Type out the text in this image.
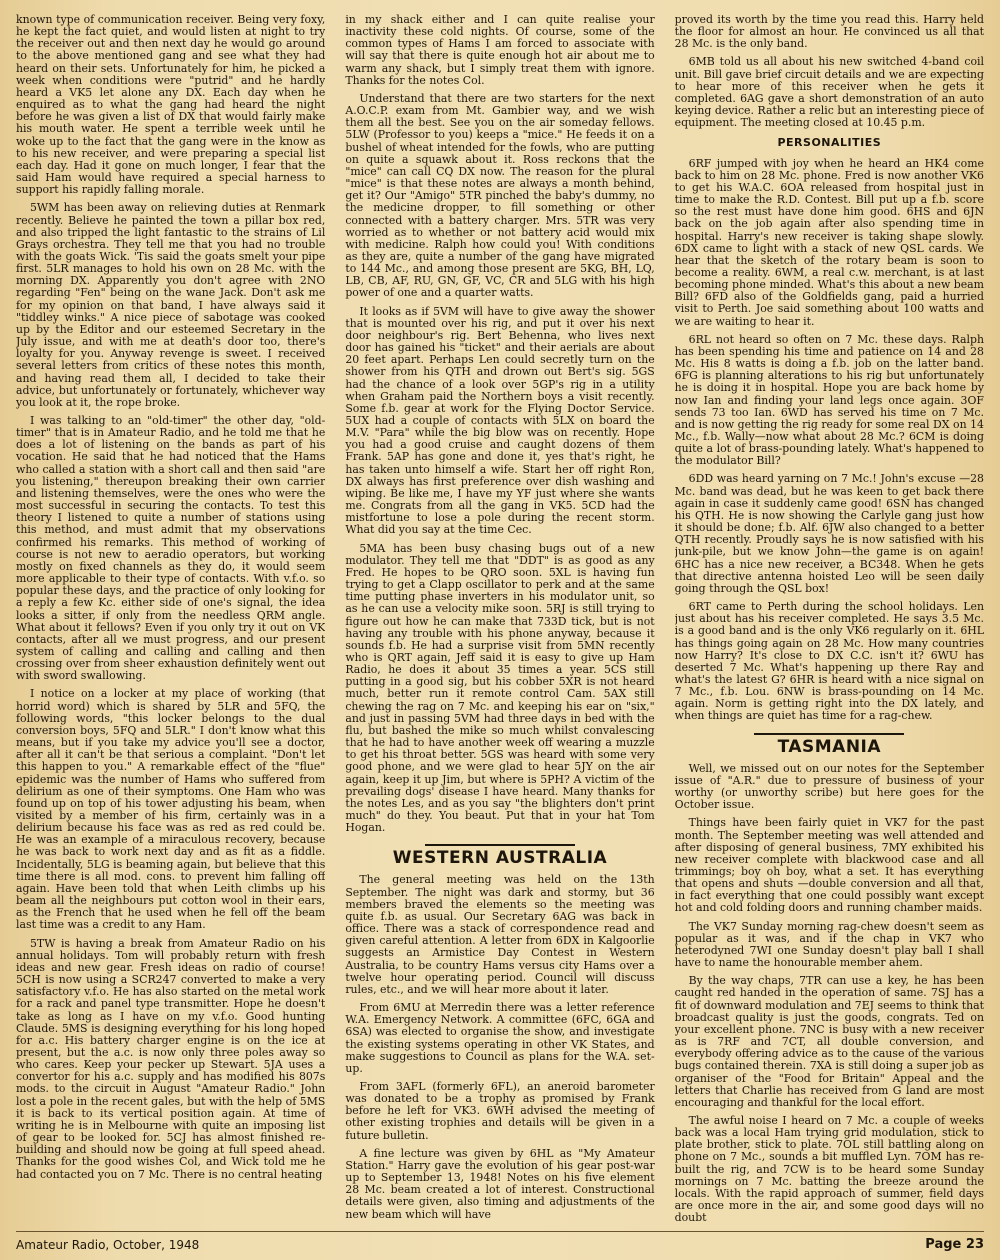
known type of communication receiver. Being very foxy, he kept the fact quiet, and would listen at night to try the receiver out and then next day he would go around to the above mentioned gang and see what they had heard on their sets. Unfortunately for him, he picked a week when conditions were "putrid" and he hardly heard a VK5 let alone any DX. Each day when he enquired as to what the gang had heard the night before he was given a list of DX that would fairly make his mouth water. He spent a terrible week until he woke up to the fact that the gang were in the know as to his new receiver, and were preparing a special list each day. Had it gone on much longer, I fear that the said Ham would have required a special harness to support his rapidly falling morale.

5WM has been away on relieving duties at Renmark recently. Believe he painted the town a pillar box red, and also tripped the light fantastic to the strains of Lil Grays orchestra. They tell me that you had no trouble with the goats Wick. 'Tis said the goats smelt your pipe first. 5LR manages to hold his own on 28 Mc. with the morning DX. Apparently you don't agree with 2NO regarding "Fen" being on the wane Jack. Don't ask me for my opinion on that band, I have always said it "tiddley winks." A nice piece of sabotage was cooked up by the Editor and our esteemed Secretary in the July issue, and with me at death's door too, there's loyalty for you. Anyway revenge is sweet. I received several letters from critics of these notes this month, and having read them all, I decided to take their advice, but unfortunately or fortunately, whichever way you look at it, the rope broke.

I was talking to an "old-timer" the other day, "old-timer" that is in Amateur Radio, and he told me that he does a lot of listening on the bands as part of his vocation. He said that he had noticed that the Hams who called a station with a short call and then said "are you listening," thereupon breaking their own carrier and listening themselves, were the ones who were the most successful in securing the contacts. To test this theory I listened to quite a number of stations using this method, and must admit that my observations confirmed his remarks. This method of working of course is not new to aeradio operators, but working mostly on fixed channels as they do, it would seem more applicable to their type of contacts. With v.f.o. so popular these days, and the practice of only looking for a reply a few Kc. either side of one's signal, the idea looks a sitter, if only from the needless QRM angle. What about it fellows? Even if you only try it out on VK contacts, after all we must progress, and our present system of calling and calling and calling and then crossing over from sheer exhaustion definitely went out with sword swallowing.

I notice on a locker at my place of working (that horrid word) which is shared by 5LR and 5FQ, the following words, "this locker belongs to the dual conversion boys, 5FQ and 5LR." I don't know what this means, but if you take my advice you'll see a doctor, after all it can't be that serious a complaint. "Don't let this happen to you." A remarkable effect of the "flue" epidemic was the number of Hams who suffered from delirium as one of their symptoms. One Ham who was found up on top of his tower adjusting his beam, when visited by a member of his firm, certainly was in a delirium because his face was as red as red could be. He was an example of a miraculous recovery, because he was back to work next day and as fit as a fiddle. Incidentally, 5LG is beaming again, but believe that this time there is all mod. cons. to prevent him falling off again. Have been told that when Leith climbs up his beam all the neighbours put cotton wool in their ears, as the French that he used when he fell off the beam last time was a credit to any Ham.

5TW is having a break from Amateur Radio on his annual holidays. Tom will probably return with fresh ideas and new gear. Fresh ideas on radio of course! 5CH is now using a SCR247 converted to make a very satisfactory v.f.o. He has also started on the metal work for a rack and panel type transmitter. Hope he doesn't take as long as I have on my v.f.o. Good hunting Claude. 5MS is designing everything for his long hoped for a.c. His battery charger engine is on the ice at present, but the a.c. is now only three poles away so who cares. Keep your pecker up Stewart. 5JA uses a convertor for his a.c. supply and has modified his 807s mods. to the circuit in August "Amateur Radio." John lost a pole in the recent gales, but with the help of 5MS it is back to its vertical position again. At time of writing he is in Melbourne with quite an imposing list of gear to be looked for. 5CJ has almost finished re-building and should now be going at full speed ahead. Thanks for the good wishes Col, and Wick told me he had contacted you on 7 Mc. There is no central heating

in my shack either and I can quite realise your inactivity these cold nights. Of course, some of the common types of Hams I am forced to associate with will say that there is quite enough hot air about me to warm any shack, but I simply treat them with ignore. Thanks for the notes Col.

Understand that there are two starters for the next A.O.C.P. exam from Mt. Gambier way, and we wish them all the best. See you on the air someday fellows. 5LW (Professor to you) keeps a "mice." He feeds it on a bushel of wheat intended for the fowls, who are putting on quite a squawk about it. Ross reckons that the "mice" can call CQ DX now. The reason for the plural "mice" is that these notes are always a month behind, get it? Our "Amigo" 5TR pinched the baby's dummy, no the medicine dropper, to fill something or other connected with a battery charger. Mrs. 5TR was very worried as to whether or not battery acid would mix with medicine. Ralph how could you! With conditions as they are, quite a number of the gang have migrated to 144 Mc., and among those present are 5KG, BH, LQ, LB, CB, AF, RU, GN, GF, VC, CR and 5LG with his high power of one and a quarter watts.

It looks as if 5VM will have to give away the shower that is mounted over his rig, and put it over his next door neighbour's rig. Bert Behenna, who lives next door has gained his "ticket" and their aerials are about 20 feet apart. Perhaps Len could secretly turn on the shower from his QTH and drown out Bert's sig. 5GS had the chance of a look over 5GP's rig in a utility when Graham paid the Northern boys a visit recently. Some f.b. gear at work for the Flying Doctor Service. 5UX had a couple of contacts with 5LX on board the M.V. "Para" while the big blow was on recently. Hope you had a good cruise and caught dozens of them Frank. 5AP has gone and done it, yes that's right, he has taken unto himself a wife. Start her off right Ron, DX always has first preference over dish washing and wiping. Be like me, I have my YF just where she wants me. Congrats from all the gang in VK5. 5CD had the mistfortune to lose a pole during the recent storm. What did you say at the time Cec.

5MA has been busy chasing bugs out of a new modulator. They tell me that "DDT" is as good as any Fred. He hopes to be QRO soon. 5XL is having fun trying to get a Clapp oscillator to perk and at the same time putting phase inverters in his modulator unit, so as he can use a velocity mike soon. 5RJ is still trying to figure out how he can make that 733D tick, but is not having any trouble with his phone anyway, because it sounds f.b. He had a surprise visit from 5MN recently who is QRT again, Jeff said it is easy to give up Ham Radio, he does it about 35 times a year. 5CS still putting in a good sig, but his cobber 5XR is not heard much, better run it remote control Cam. 5AX still chewing the rag on 7 Mc. and keeping his ear on "six," and just in passing 5VM had three days in bed with the flu, but bashed the mike so much whilst convalescing that he had to have another week off wearing a muzzle to get his throat better. 5GS was heard with some very good phone, and we were glad to hear 5JY on the air again, keep it up Jim, but where is 5PH? A victim of the prevailing dogs' disease I have heard. Many thanks for the notes Les, and as you say "the blighters don't print much" do they. You beaut. Put that in your hat Tom Hogan.

WESTERN AUSTRALIA

The general meeting was held on the 13th September. The night was dark and stormy, but 36 members braved the elements so the meeting was quite f.b. as usual. Our Secretary 6AG was back in office. There was a stack of correspondence read and given careful attention. A letter from 6DX in Kalgoorlie suggests an Armistice Day Contest in Western Australia, to be country Hams versus city Hams over a twelve hour operating period. Council will discuss rules, etc., and we will hear more about it later.

From 6MU at Merredin there was a letter reference W.A. Emergency Network. A committee (6FC, 6GA and 6SA) was elected to organise the show, and investigate the existing systems operating in other VK States, and make suggestions to Council as plans for the W.A. set-up.

From 3AFL (formerly 6FL), an aneroid barometer was donated to be a trophy as promised by Frank before he left for VK3. 6WH advised the meeting of other existing trophies and details will be given in a future bulletin.

A fine lecture was given by 6HL as "My Amateur Station." Harry gave the evolution of his gear post-war up to September 13, 1948! Notes on his five element 28 Mc. beam created a lot of interest. Constructional details were given, also timing and adjustments of the new beam which will have

proved its worth by the time you read this. Harry held the floor for almost an hour. He convinced us all that 28 Mc. is the only band.

6MB told us all about his new switched 4-band coil unit. Bill gave brief circuit details and we are expecting to hear more of this receiver when he gets it completed. 6AG gave a short demonstration of an auto keying device. Rather a relic but an interesting piece of equipment. The meeting closed at 10.45 p.m.

PERSONALITIES

6RF jumped with joy when he heard an HK4 come back to him on 28 Mc. phone. Fred is now another VK6 to get his W.A.C. 6OA released from hospital just in time to make the R.D. Contest. Bill put up a f.b. score so the rest must have done him good. 6HS and 6JN back on the job again after also spending time in hospital. Harry's new receiver is taking shape slowly. 6DX came to light with a stack of new QSL cards. We hear that the sketch of the rotary beam is soon to become a reality. 6WM, a real c.w. merchant, is at last becoming phone minded. What's this about a new beam Bill? 6FD also of the Goldfields gang, paid a hurried visit to Perth. Joe said something about 100 watts and we are waiting to hear it.

6RL not heard so often on 7 Mc. these days. Ralph has been spending his time and patience on 14 and 28 Mc. His 8 watts is doing a f.b. job on the latter band. 6FG is planning alterations to his rig but unfortunately he is doing it in hospital. Hope you are back home by now Ian and finding your land legs once again. 3OF sends 73 too Ian. 6WD has served his time on 7 Mc. and is now getting the rig ready for some real DX on 14 Mc., f.b. Wally—now what about 28 Mc.? 6CM is doing quite a lot of brass-pounding lately. What's happened to the modulator Bill?

6DD was heard yarning on 7 Mc.! John's excuse —28 Mc. band was dead, but he was keen to get back there again in case it suddenly came good! 6SN has changed his QTH. He is now showing the Carlyle gang just how it should be done; f.b. Alf. 6JW also changed to a better QTH recently. Proudly says he is now satisfied with his junk-pile, but we know John—the game is on again! 6HC has a nice new receiver, a BC348. When he gets that directive antenna hoisted Leo will be seen daily going through the QSL box!

6RT came to Perth during the school holidays. Len just about has his receiver completed. He says 3.5 Mc. is a good band and is the only VK6 regularly on it. 6HL has things going again on 28 Mc. How many countries now Harry? It's close to DX C.C. isn't it? 6WU has deserted 7 Mc. What's happening up there Ray and what's the latest G? 6HR is heard with a nice signal on 7 Mc., f.b. Lou. 6NW is brass-pounding on 14 Mc. again. Norm is getting right into the DX lately, and when things are quiet has time for a rag-chew.

TASMANIA

Well, we missed out on our notes for the September issue of "A.R." due to pressure of business of your worthy (or unworthy scribe) but here goes for the October issue.

Things have been fairly quiet in VK7 for the past month. The September meeting was well attended and after disposing of general business, 7MY exhibited his new receiver complete with blackwood case and all trimmings; boy oh boy, what a set. It has everything that opens and shuts —double conversion and all that, in fact everything that one could possibly want except hot and cold folding doors and running chamber maids.

The VK7 Sunday morning rag-chew doesn't seem as popular as it was, and if the chap in VK7 who heterodyned 7WI one Sunday doesn't play ball I shall have to name the honourable member ahem.

By the way chaps, 7TR can use a key, he has been caught red handed in the operation of same. 7SJ has a fit of downward modulation and 7EJ seems to think that broadcast quality is just the goods, congrats. Ted on your excellent phone. 7NC is busy with a new receiver as is 7RF and 7CT, all double conversion, and everybody offering advice as to the cause of the various bugs contained therein. 7XA is still doing a super job as organiser of the "Food for Britain" Appeal and the letters that Charlie has received from G land are most encouraging and thankful for the local effort.

The awful noise I heard on 7 Mc. a couple of weeks back was a local Ham trying grid modulation, stick to plate brother, stick to plate. 7OL still battling along on phone on 7 Mc., sounds a bit muffled Lyn. 7OM has re-built the rig, and 7CW is to be heard some Sunday mornings on 7 Mc. batting the breeze around the locals. With the rapid approach of summer, field days are once more in the air, and some good days will no doubt

Amateur Radio, October, 1948	Page 23
